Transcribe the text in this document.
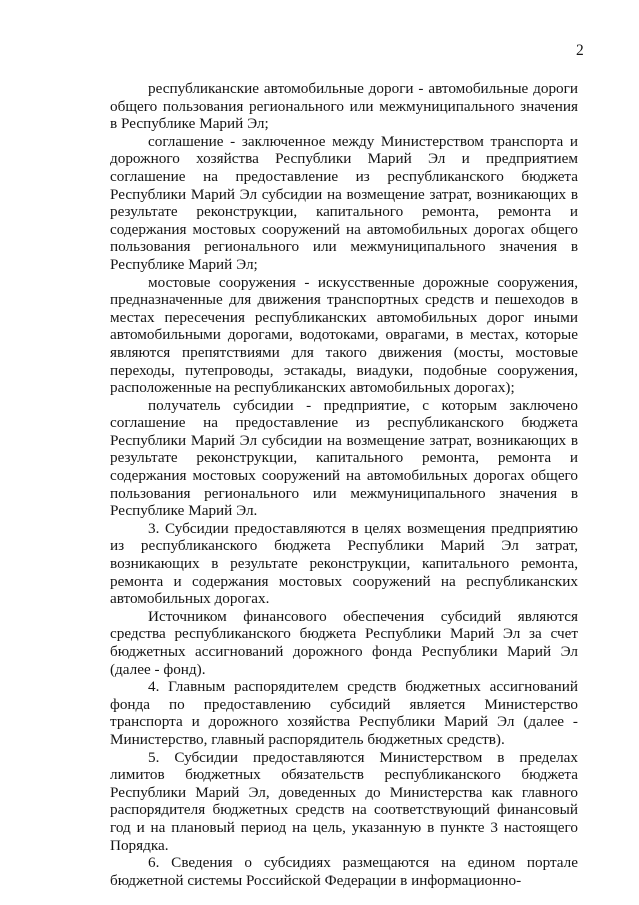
2

республиканские автомобильные дороги - автомобильные дороги общего пользования регионального или межмуниципального значения в Республике Марий Эл;

соглашение - заключенное между Министерством транспорта и дорожного хозяйства Республики Марий Эл и предприятием соглашение на предоставление из республиканского бюджета Республики Марий Эл субсидии на возмещение затрат, возникающих в результате реконструкции, капитального ремонта, ремонта и содержания мостовых сооружений на автомобильных дорогах общего пользования регионального или межмуниципального значения в Республике Марий Эл;

мостовые сооружения - искусственные дорожные сооружения, предназначенные для движения транспортных средств и пешеходов в местах пересечения республиканских автомобильных дорог иными автомобильными дорогами, водотоками, оврагами, в местах, которые являются препятствиями для такого движения (мосты, мостовые переходы, путепроводы, эстакады, виадуки, подобные сооружения, расположенные на республиканских автомобильных дорогах);

получатель субсидии - предприятие, с которым заключено соглашение на предоставление из республиканского бюджета Республики Марий Эл субсидии на возмещение затрат, возникающих в результате реконструкции, капитального ремонта, ремонта и содержания мостовых сооружений на автомобильных дорогах общего пользования регионального или межмуниципального значения в Республике Марий Эл.

3. Субсидии предоставляются в целях возмещения предприятию из республиканского бюджета Республики Марий Эл затрат, возникающих в результате реконструкции, капитального ремонта, ремонта и содержания мостовых сооружений на республиканских автомобильных дорогах.

Источником финансового обеспечения субсидий являются средства республиканского бюджета Республики Марий Эл за счет бюджетных ассигнований дорожного фонда Республики Марий Эл (далее - фонд).

4. Главным распорядителем средств бюджетных ассигнований фонда по предоставлению субсидий является Министерство транспорта и дорожного хозяйства Республики Марий Эл (далее - Министерство, главный распорядитель бюджетных средств).

5. Субсидии предоставляются Министерством в пределах лимитов бюджетных обязательств республиканского бюджета Республики Марий Эл, доведенных до Министерства как главного распорядителя бюджетных средств на соответствующий финансовый год и на плановый период на цель, указанную в пункте 3 настоящего Порядка.

6. Сведения о субсидиях размещаются на едином портале бюджетной системы Российской Федерации в информационно-
